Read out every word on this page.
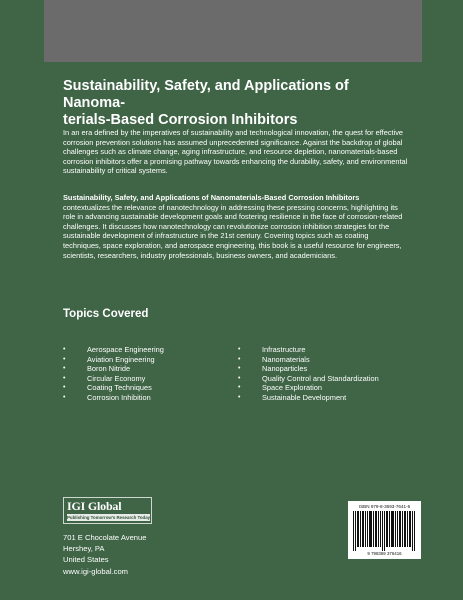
Sustainability, Safety, and Applications of Nanoma-
terials-Based Corrosion Inhibitors

In an era defined by the imperatives of sustainability and technological innovation, the quest for effective corrosion prevention solutions has assumed unprecedented significance. Against the backdrop of global challenges such as climate change, aging infrastructure, and resource depletion, nanomaterials-based corrosion inhibitors offer a promising pathway towards enhancing the durability, safety, and environmental sustainability of critical systems.

Sustainability, Safety, and Applications of Nanomaterials-Based Corrosion Inhibitors contextualizes the relevance of nanotechnology in addressing these pressing concerns, highlighting its role in advancing sustainable development goals and fostering resilience in the face of corrosion-related challenges. It discusses how nanotechnology can revolutionize corrosion inhibition strategies for the sustainable development of infrastructure in the 21st century. Covering topics such as coating techniques, space exploration, and aerospace engineering, this book is a useful resource for engineers, scientists, researchers, industry professionals, business owners, and academicians.

Topics Covered
•	Aerospace Engineering
•	Aviation Engineering
•	Boron Nitride
•	Circular Economy
•	Coating Techniques
•	Corrosion Inhibition
•	Infrastructure
•	Nanomaterials
•	Nanoparticles
•	Quality Control and Standardization
•	Space Exploration
•	Sustainable Development
IGI Global
Publishing Tomorrow's Research Today
701 E Chocolate Avenue
Hershey, PA
United States
www.igi-global.com
ISBN 979-8-3693-7641-6
9 798369 376416
